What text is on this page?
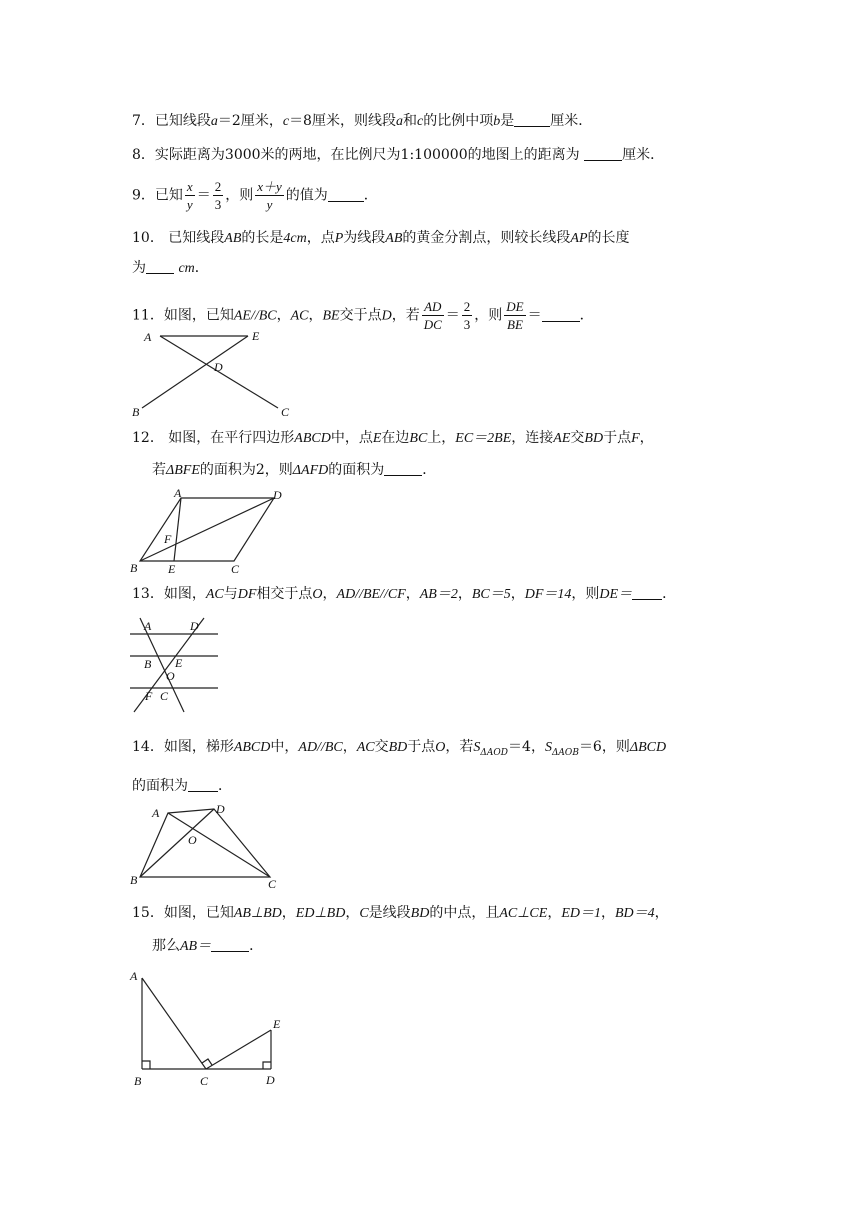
7．已知线段a＝2厘米，c＝8厘米，则线段a和c的比例中项b是	厘米．
8．实际距离为3000米的两地，在比例尺为1:100000的地图上的距离为	厘米．
9．已知 $\frac{x}{y} = \frac{2}{3}$ ，则 $\frac{x+y}{y}$ 的值为	．
10． 已知线段AB的长是4cm，点P为线段AB的黄金分割点，则较长线段AP的长度
为 cm．
11．如图，已知AE//BC，AC，BE交于点D，若 $\frac{AD}{DC} = \frac{2}{3}$ ，则 $\frac{DE}{BE}$ ＝	．
A	E
D
B	C
12． 如图，在平行四边形ABCD中，点E在边BC上，EC＝2BE，连接AE交BD于点F，
若ΔBFE的面积为2，则ΔAFD的面积为	．
A	D
F
B	E	C
13．如图，AC与DF相交于点O，AD//BE//CF，AB＝2，BC＝5，DF＝14，则DE＝ ．
A	D
B E
O
F C
14．如图，梯形ABCD中，AD//BC，AC交BD于点O，若$S_{\Delta AOD}=4$，$S_{\Delta AOB}=6$，则ΔBCD
的面积为 ．
A	D
O
B	C
15．如图，已知AB⊥BD，ED⊥BD，C是线段BD的中点，且AC⊥CE，ED＝1，BD＝4，
那么AB＝	．
A
E
B	C	D
